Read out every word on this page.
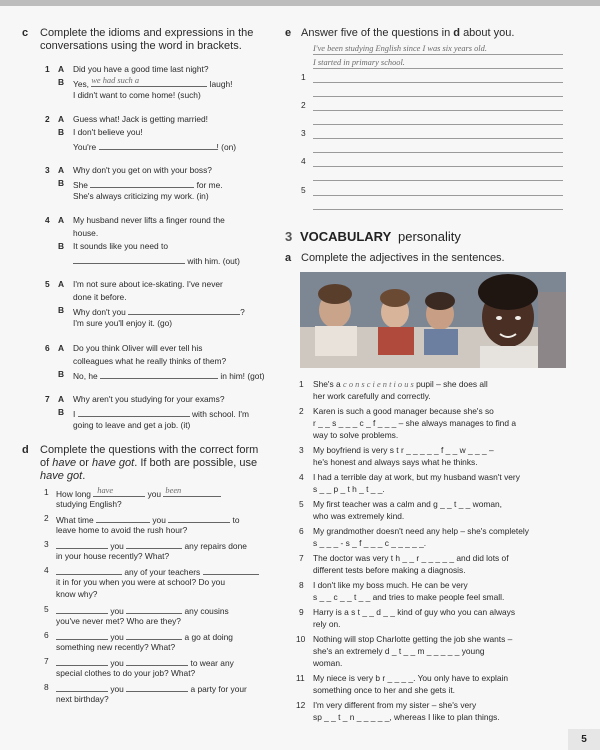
c Complete the idioms and expressions in the
conversations using the word in brackets.
1 A Did you have a good time last night?
B Yes, we had such a	laugh!
I didn't want to come home! (such)
2 A Guess what! Jack is getting married!
B I don't believe you!
You're	! (on)
3 A Why don't you get on with your boss?
B She	for me.
She's always criticizing my work. (in)
4 A My husband never lifts a finger round the
house.
B It sounds like you need to
with him. (out)
5 A I'm not sure about ice-skating. I've never
done it before.
B Why don't you	?
I'm sure you'll enjoy it. (go)
6 A Do you think Oliver will ever tell his
colleagues what he really thinks of them?
B No, he	in him! (got)
7 A Why aren't you studying for your exams?
B I	with school. I'm
going to leave and get a job. (it)
d Complete the questions with the correct form
of have or have got. If both are possible, use
have got.
1 How long have	you been
studying English?
2 What time	you	to
leave home to avoid the rush hour?
3	you	any repairs done
in your house recently? What?
4	any of your teachers
it in for you when you were at school? Do you
know why?
5	you	any cousins
you've never met? Who are they?
6	you	a go at doing
something new recently? What?
7	you	to wear any
special clothes to do your job? What?
8	you	a party for your
next birthday?
e Answer five of the questions in d about you.
I've been studying English since I was six years old.
I started in primary school.
1
2
3
4
5
3 VOCABULARY personality
a Complete the adjectives in the sentences.
1 She's a c o n s c i e n t i o u s pupil – she does all
her work carefully and correctly.
2 Karen is such a good manager because she's so
r _ _ s _ _ _ c _ f _ _ _ – she always manages to find a
way to solve problems.
3 My boyfriend is very s t r _ _ _ _ _ f _ _ w _ _ _ –
he's honest and always says what he thinks.
4 I had a terrible day at work, but my husband wasn't very
s _ _ p _ t h _ t _ _.
5 My first teacher was a calm and g _ _ t _ _ woman,
who was extremely kind.
6 My grandmother doesn't need any help – she's completely
s _ _ _ - s _ f _ _ _ c _ _ _ _ _.
7 The doctor was very t h _ _ r _ _ _ _ _ and did lots of
different tests before making a diagnosis.
8 I don't like my boss much. He can be very
s _ _ c _ _ t _ _ and tries to make people feel small.
9 Harry is a s t _ _ d _ _ kind of guy who you can always
rely on.
10 Nothing will stop Charlotte getting the job she wants –
she's an extremely d _ t _ _ m _ _ _ _ _ young
woman.
11 My niece is very b r _ _ _ _. You only have to explain
something once to her and she gets it.
12 I'm very different from my sister – she's very
sp _ _ t _ n _ _ _ _ _, whereas I like to plan things.
5
